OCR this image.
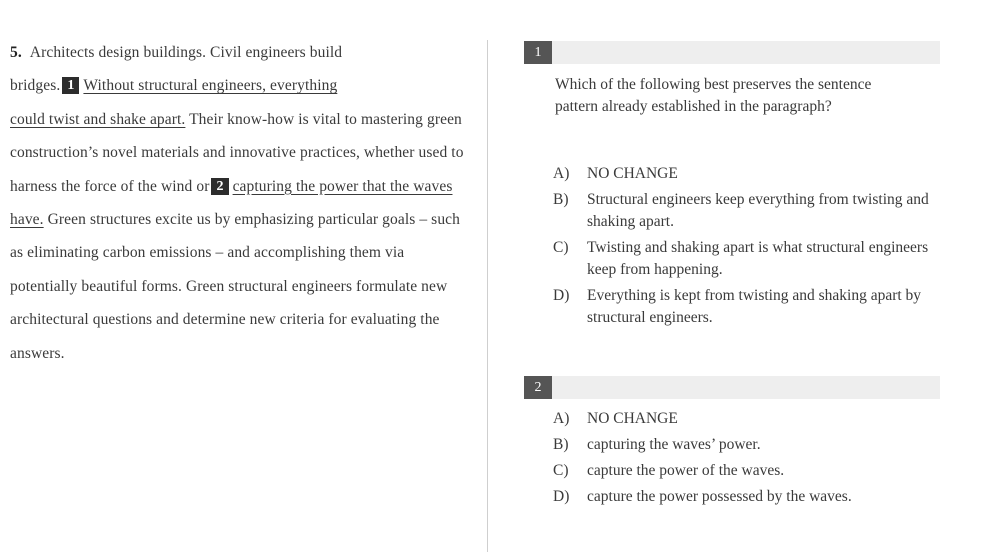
5. Architects design buildings. Civil engineers build
bridges. 1 Without structural engineers, everything
could twist and shake apart. Their know-how is vital to mastering green construction’s novel materials and innovative practices, whether used to harness the force of the wind or 2 capturing the power that the waves have. Green structures excite us by emphasizing particular goals – such as eliminating carbon emissions – and accomplishing them via potentially beautiful forms. Green structural engineers formulate new architectural questions and determine new criteria for evaluating the answers.
1
Which of the following best preserves the sentence pattern already established in the paragraph?
A)	NO CHANGE
B)	Structural engineers keep everything from twisting and shaking apart.
C)	Twisting and shaking apart is what structural engineers keep from happening.
D)	Everything is kept from twisting and shaking apart by structural engineers.
2
A)	NO CHANGE
B)	capturing the waves’ power.
C)	capture the power of the waves.
D)	capture the power possessed by the waves.
